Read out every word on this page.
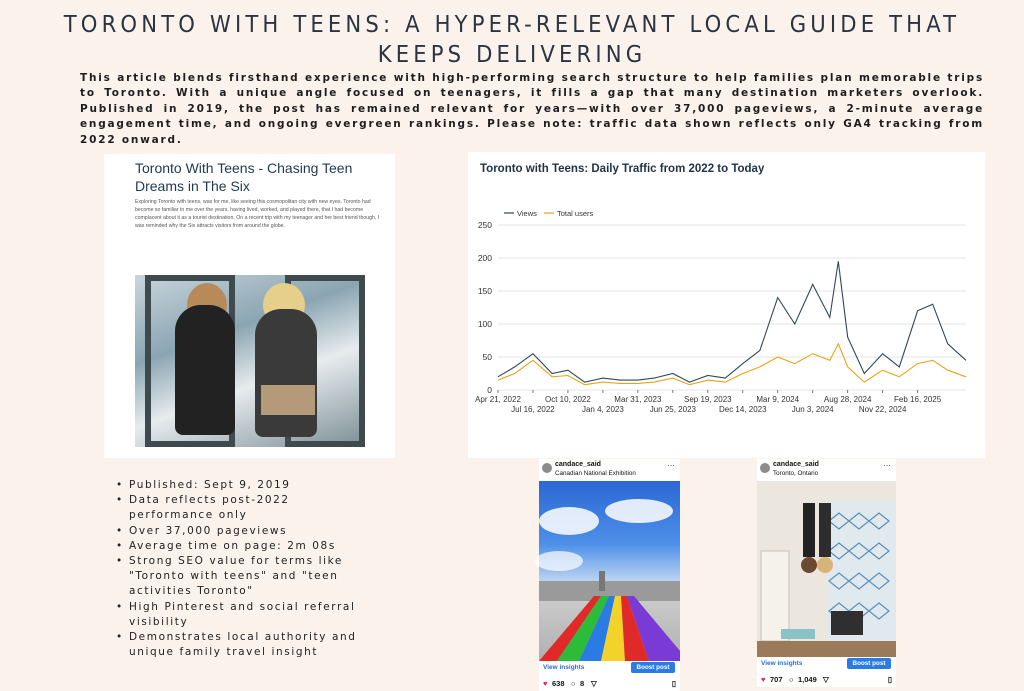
TORONTO WITH TEENS: A HYPER-RELEVANT LOCAL GUIDE THAT KEEPS DELIVERING
This article blends firsthand experience with high-performing search structure to help families plan memorable trips to Toronto. With a unique angle focused on teenagers, it fills a gap that many destination marketers overlook. Published in 2019, the post has remained relevant for years—with over 37,000 pageviews, a 2-minute average engagement time, and ongoing evergreen rankings. Please note: traffic data shown reflects only GA4 tracking from 2022 onward.
Toronto With Teens - Chasing Teen Dreams in The Six
Exploring Toronto with teens, was for me, like seeing this cosmopolitan city with new eyes. Toronto had become so familiar to me over the years, having lived, worked, and played there, that I had become complacent about it as a tourist destination. On a recent trip with my teenager and her best friend though, I was reminded why the Six attracts visitors from around the globe.
Toronto with Teens: Daily Traffic from 2022 to Today
0
50
100
150
200
250
Apr 21, 2022	Oct 10, 2022	Mar 31, 2023	Sep 19, 2023	Mar 9, 2024	Aug 28, 2024	Feb 16, 2025
Jul 16, 2022	Jan 4, 2023	Jun 25, 2023	Dec 14, 2023	Jun 3, 2024	Nov 22, 2024
Views	Total users
• Published: Sept 9, 2019
• Data reflects post-2022 performance only
• Over 37,000 pageviews
• Average time on page: 2m 08s
• Strong SEO value for terms like "Toronto with teens" and "teen activities Toronto"
• High Pinterest and social referral visibility
• Demonstrates local authority and unique family travel insight
candace_said
Canadian National Exhibition
⋯
View insights	Boost post
♥ 638 ○ 8 ▽	▯
candace_said
Toronto, Ontario
⋯
View insights	Boost post
♥ 707 ○ 1,049 ▽	▯
